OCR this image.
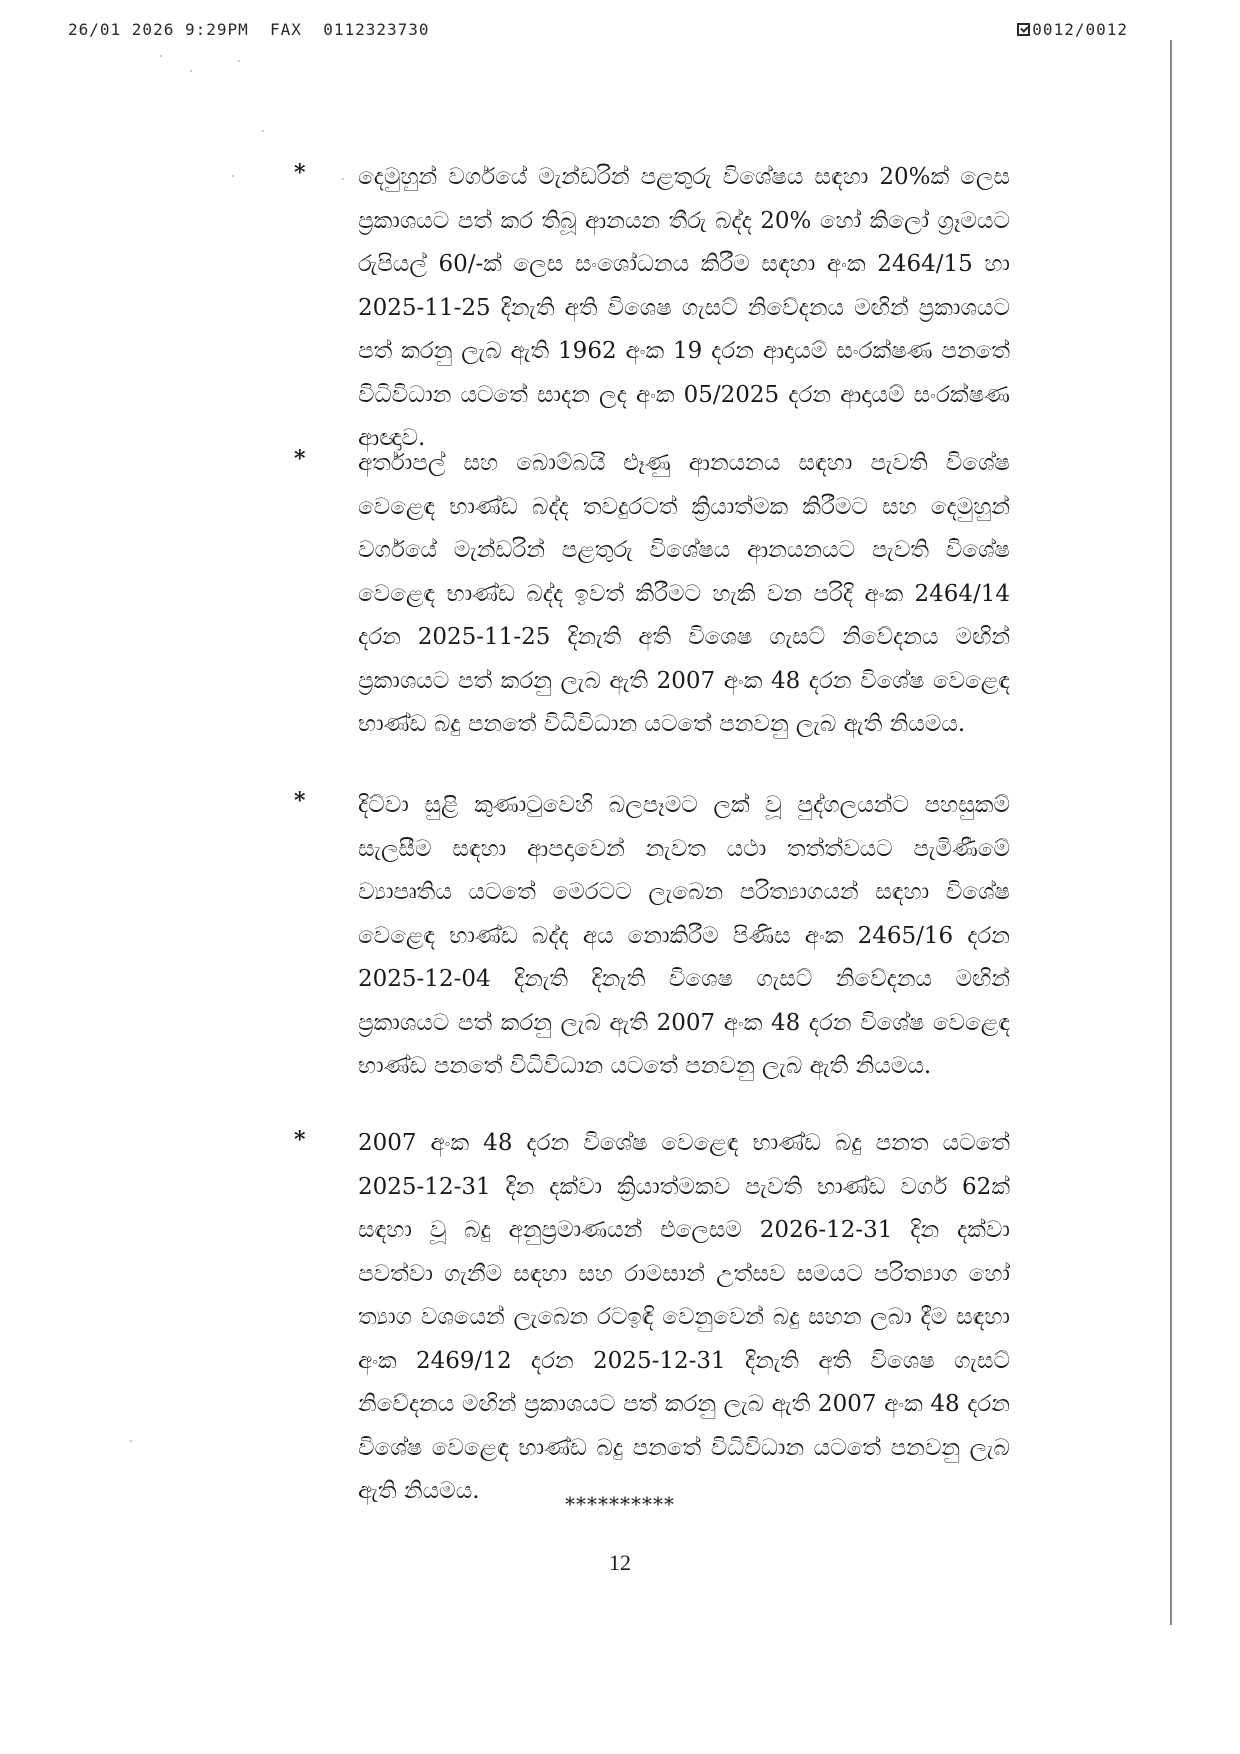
26/01 2026 9:29PM FAX 0112323730	0012/0012
* දෙමුහුන් වර්ගයේ මැන්ඩරින් පළතුරු විශේෂය සඳහා 20%ක් ලෙස ප්‍රකාශයට පත් කර තිබූ ආනයන තීරු බද්ද 20% හෝ කිලෝ ග්‍රෑමයට රුපියල් 60/-ක් ලෙස සංශෝධනය කිරීම සඳහා අංක 2464/15 හා 2025-11-25 දිනැති අති විශෙෂ ගැසට් නිවේදනය මඟින් ප්‍රකාශයට පත් කරනු ලැබ ඇති 1962 අංක 19 දරන ආදායම් සංරක්ෂණ පනතේ විධිවිධාන යටතේ සාදන ලද අංක 05/2025 දරන ආදායම් සංරක්ෂණ ආඥාව.

* අර්තාපල් සහ බොම්බයි ළූණු ආනයනය සඳහා පැවති විශේෂ වෙළෙඳ භාණ්ඩ බද්ද තවදුරටත් ක්‍රියාත්මක කිරීමට සහ දෙමුහුන් වර්ගයේ මැන්ඩරින් පළතුරු විශේෂය ආනයනයට පැවති විශේෂ වෙළෙඳ භාණ්ඩ බද්ද ඉවත් කිරීමට හැකි වන පරිදි අංක 2464/14 දරන 2025-11-25 දිනැති අති විශෙෂ ගැසට් නිවේදනය මඟින් ප්‍රකාශයට පත් කරනු ලැබ ඇති 2007 අංක 48 දරන විශේෂ වෙළෙඳ භාණ්ඩ බදු පනතේ විධිවිධාන යටතේ පනවනු ලැබ ඇති නියමය.

* දිට්වා සුළි කුණාටුවෙහි බලපෑමට ලක් වූ පුද්ගලයන්ට පහසුකම් සැලසීම සඳහා ආපදාවෙන් නැවත යථා තත්ත්වයට පැමිණීමේ ව්‍යාපෘතිය යටතේ මෙරටට ලැබෙන පරිත්‍යාගයන් සඳහා විශේෂ වෙළෙඳ භාණ්ඩ බද්ද අය නොකිරීම පිණිස අංක 2465/16 දරන 2025-12-04 දිනැති දිනැති විශෙෂ ගැසට් නිවේදනය මඟින් ප්‍රකාශයට පත් කරනු ලැබ ඇති 2007 අංක 48 දරන විශේෂ වෙළෙඳ භාණ්ඩ පනතේ විධිවිධාන යටතේ පනවනු ලැබ ඇති නියමය.

* 2007 අංක 48 දරන විශේෂ වෙළෙඳ භාණ්ඩ බදු පනත යටතේ 2025-12-31 දින දක්වා ක්‍රියාත්මකව පැවති භාණ්ඩ වර්ග 62ක් සඳහා වූ බදු අනුප්‍රමාණයන් එලෙසම 2026-12-31 දින දක්වා පවත්වා ගැනීම සඳහා සහ රාමසාන් උත්සව සමයට පරිත්‍යාග හෝ ත්‍යාග වශයෙන් ලැබෙන රටඉඳි වෙනුවෙන් බදු සහන ලබා දීම සඳහා අංක 2469/12 දරන 2025-12-31 දිනැති අති විශෙෂ ගැසට් නිවේදනය මඟින් ප්‍රකාශයට පත් කරනු ලැබ ඇති 2007 අංක 48 දරන විශේෂ වෙළෙඳ භාණ්ඩ බදු පනතේ විධිවිධාන යටතේ පනවනු ලැබ ඇති නියමය.	**********
12
